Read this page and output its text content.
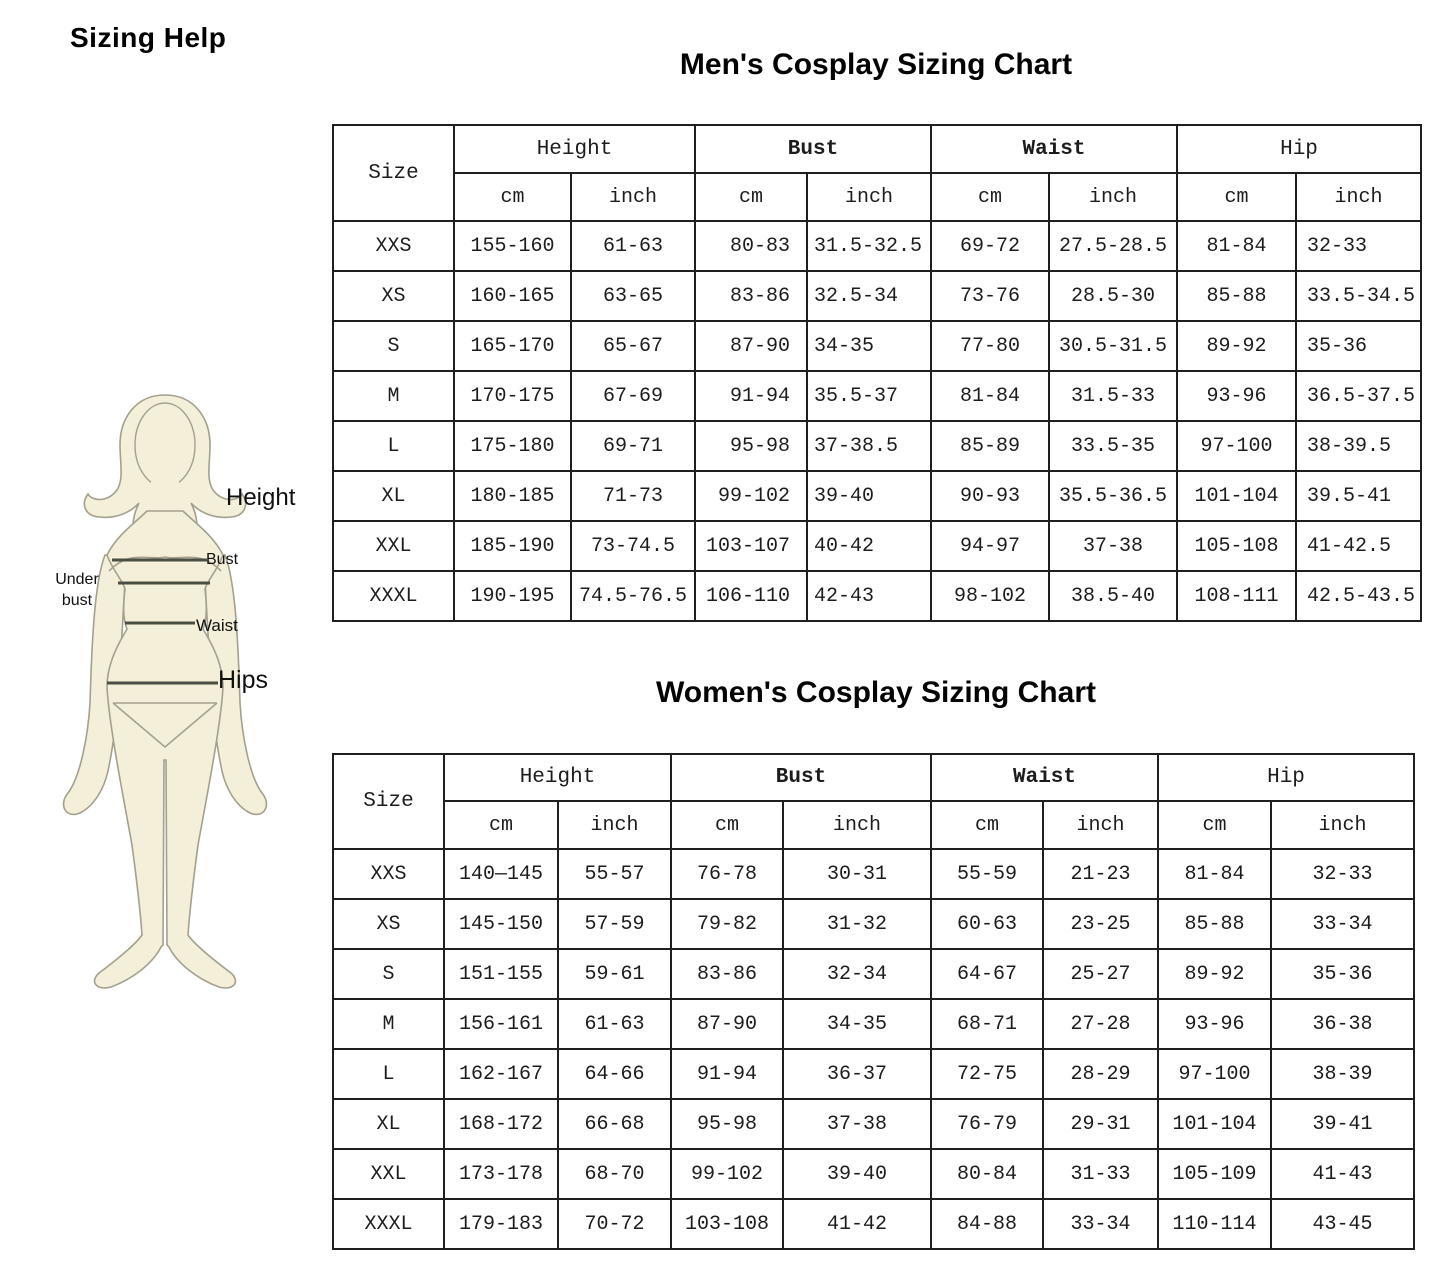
Sizing Help
Men's Cosplay Sizing Chart
Size	Height		Bust		Waist		Hip	
	cm	inch	cm	inch	cm	inch	cm	inch
XXS	155-160	61-63	80-83	31.5-32.5	69-72	27.5-28.5	81-84	32-33
XS	160-165	63-65	83-86	32.5-34	73-76	28.5-30	85-88	33.5-34.5
S	165-170	65-67	87-90	34-35	77-80	30.5-31.5	89-92	35-36
M	170-175	67-69	91-94	35.5-37	81-84	31.5-33	93-96	36.5-37.5
L	175-180	69-71	95-98	37-38.5	85-89	33.5-35	97-100	38-39.5
XL	180-185	71-73	99-102	39-40	90-93	35.5-36.5	101-104	39.5-41
XXL	185-190	73-74.5	103-107	40-42	94-97	37-38	105-108	41-42.5
XXXL	190-195	74.5-76.5	106-110	42-43	98-102	38.5-40	108-111	42.5-43.5
Women's Cosplay Sizing Chart
Size	Height		Bust		Waist		Hip	
	cm	inch	cm	inch	cm	inch	cm	inch
XXS	140—145	55-57	76-78	30-31	55-59	21-23	81-84	32-33
XS	145-150	57-59	79-82	31-32	60-63	23-25	85-88	33-34
S	151-155	59-61	83-86	32-34	64-67	25-27	89-92	35-36
M	156-161	61-63	87-90	34-35	68-71	27-28	93-96	36-38
L	162-167	64-66	91-94	36-37	72-75	28-29	97-100	38-39
XL	168-172	66-68	95-98	37-38	76-79	29-31	101-104	39-41
XXL	173-178	68-70	99-102	39-40	80-84	31-33	105-109	41-43
XXXL	179-183	70-72	103-108	41-42	84-88	33-34	110-114	43-45
Height
Bust
Under bust
Waist
Hips
